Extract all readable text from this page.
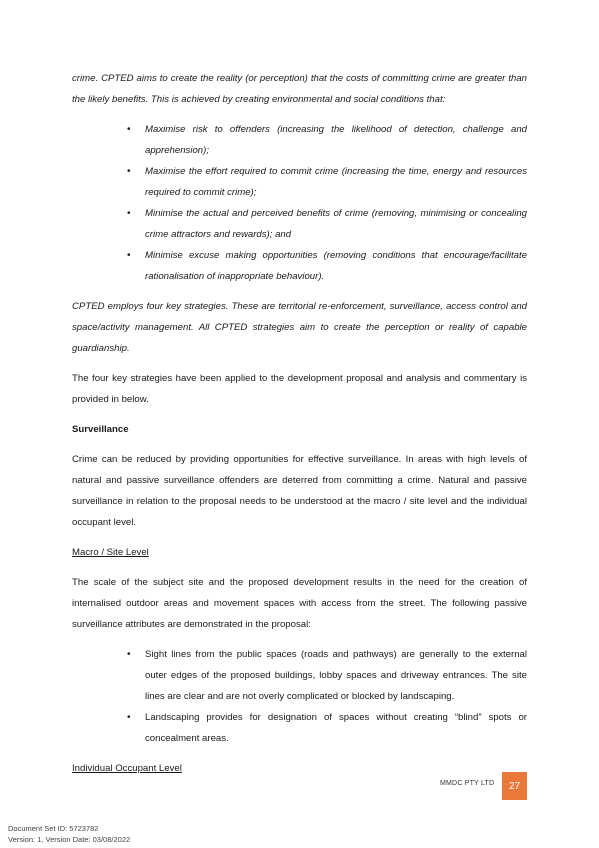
crime. CPTED aims to create the reality (or perception) that the costs of committing crime are greater than the likely benefits. This is achieved by creating environmental and social conditions that:

• Maximise risk to offenders (increasing the likelihood of detection, challenge and apprehension);
• Maximise the effort required to commit crime (increasing the time, energy and resources required to commit crime);
• Minimise the actual and perceived benefits of crime (removing, minimising or concealing crime attractors and rewards); and
• Minimise excuse making opportunities (removing conditions that encourage/facilitate rationalisation of inappropriate behaviour).

CPTED employs four key strategies. These are territorial re-enforcement, surveillance, access control and space/activity management. All CPTED strategies aim to create the perception or reality of capable guardianship.

The four key strategies have been applied to the development proposal and analysis and commentary is provided in below.

Surveillance

Crime can be reduced by providing opportunities for effective surveillance. In areas with high levels of natural and passive surveillance offenders are deterred from committing a crime. Natural and passive surveillance in relation to the proposal needs to be understood at the macro / site level and the individual occupant level.

Macro / Site Level

The scale of the subject site and the proposed development results in the need for the creation of internalised outdoor areas and movement spaces with access from the street. The following passive surveillance attributes are demonstrated in the proposal:

• Sight lines from the public spaces (roads and pathways) are generally to the external outer edges of the proposed buildings, lobby spaces and driveway entrances. The site lines are clear and are not overly complicated or blocked by landscaping.
• Landscaping provides for designation of spaces without creating “blind” spots or concealment areas.
Individual Occupant Level
MMDC PTY LTD 27
Document Set ID: 5723782
Version: 1, Version Date: 03/08/2022
